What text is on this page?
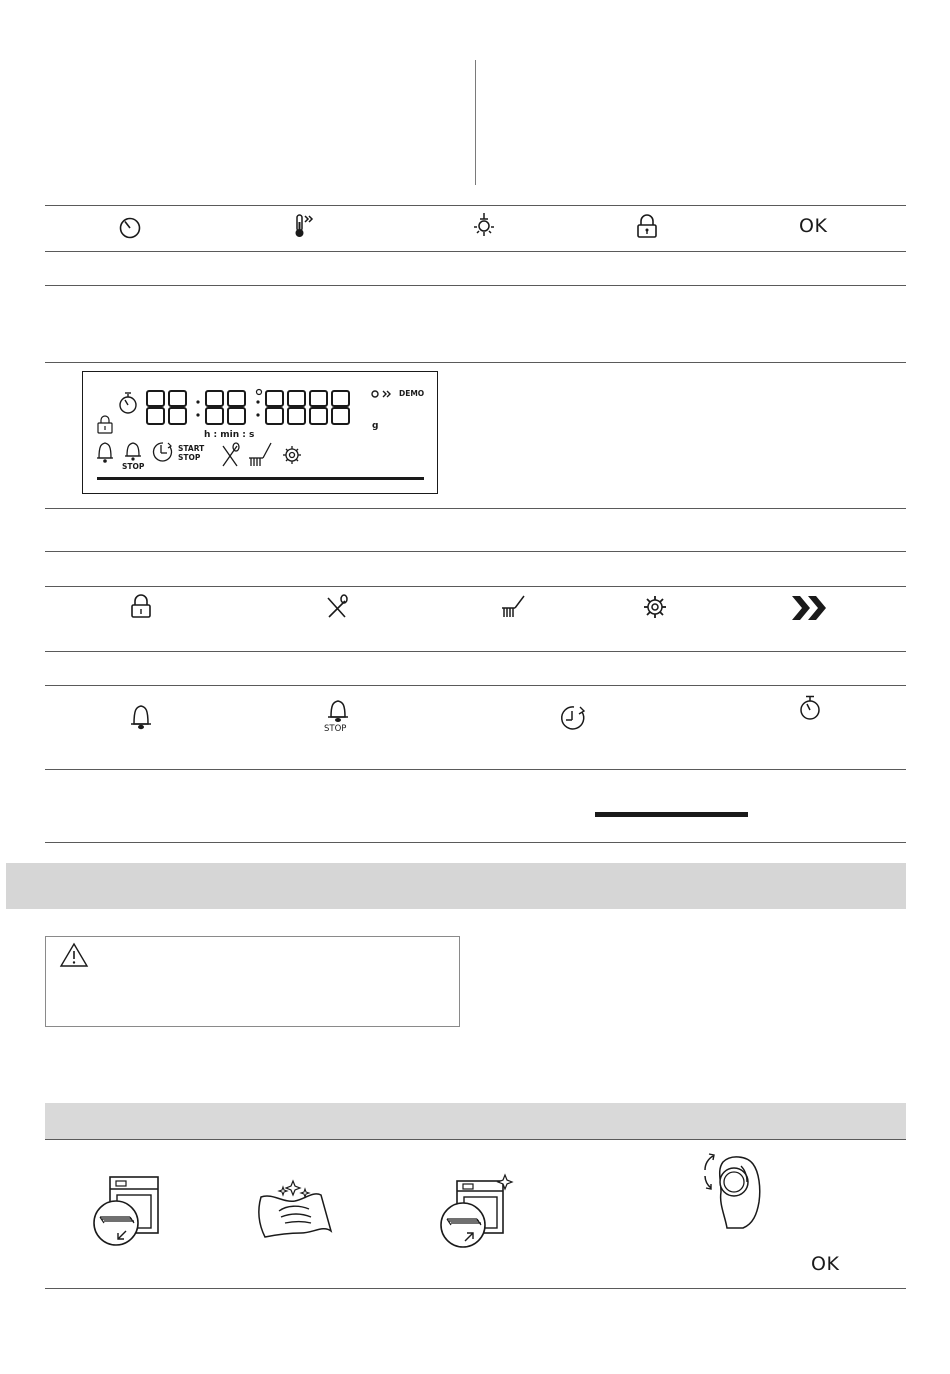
OK
DEMO
g
h : min : s
STOP
START
STOP
STOP
OK
